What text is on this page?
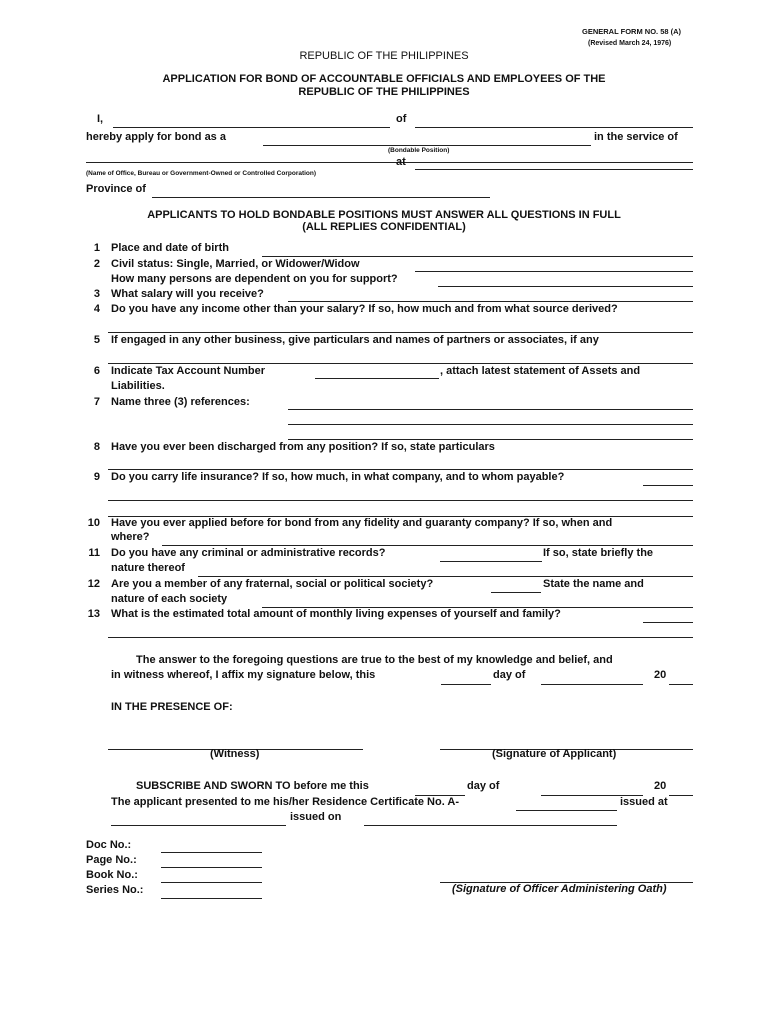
GENERAL FORM NO. 58 (A)
(Revised March 24, 1976)
REPUBLIC OF THE PHILIPPINES
APPLICATION FOR BOND OF ACCOUNTABLE OFFICIALS AND EMPLOYEES OF THE
REPUBLIC OF THE PHILIPPINES
I,	of
hereby apply for bond as a	in the service of
(Bondable Position)
at
(Name of Office, Bureau or Government-Owned or Controlled Corporation)
Province of
APPLICANTS TO HOLD BONDABLE POSITIONS MUST ANSWER ALL QUESTIONS IN FULL
(ALL REPLIES CONFIDENTIAL)
1 Place and date of birth
2 Civil status: Single, Married, or Widower/Widow
How many persons are dependent on you for support?
3 What salary will you receive?
4 Do you have any income other than your salary? If so, how much and from what source derived?
5 If engaged in any other business, give particulars and names of partners or associates, if any
6 Indicate Tax Account Number	, attach latest statement of Assets and
Liabilities.
7 Name three (3) references:
8 Have you ever been discharged from any position? If so, state particulars
9 Do you carry life insurance? If so, how much, in what company, and to whom payable?
10 Have you ever applied before for bond from any fidelity and guaranty company? If so, when and
where?
11 Do you have any criminal or administrative records?	If so, state briefly the
nature thereof
12 Are you a member of any fraternal, social or political society?	State the name and
nature of each society
13 What is the estimated total amount of monthly living expenses of yourself and family?
The answer to the foregoing questions are true to the best of my knowledge and belief, and
in witness whereof, I affix my signature below, this	day of	20
IN THE PRESENCE OF:
(Witness)	(Signature of Applicant)
SUBSCRIBE AND SWORN TO before me this	day of	20
The applicant presented to me his/her Residence Certificate No. A-	issued at
issued on
Doc No.:
Page No.:
Book No.:
Series No.:	(Signature of Officer Administering Oath)
